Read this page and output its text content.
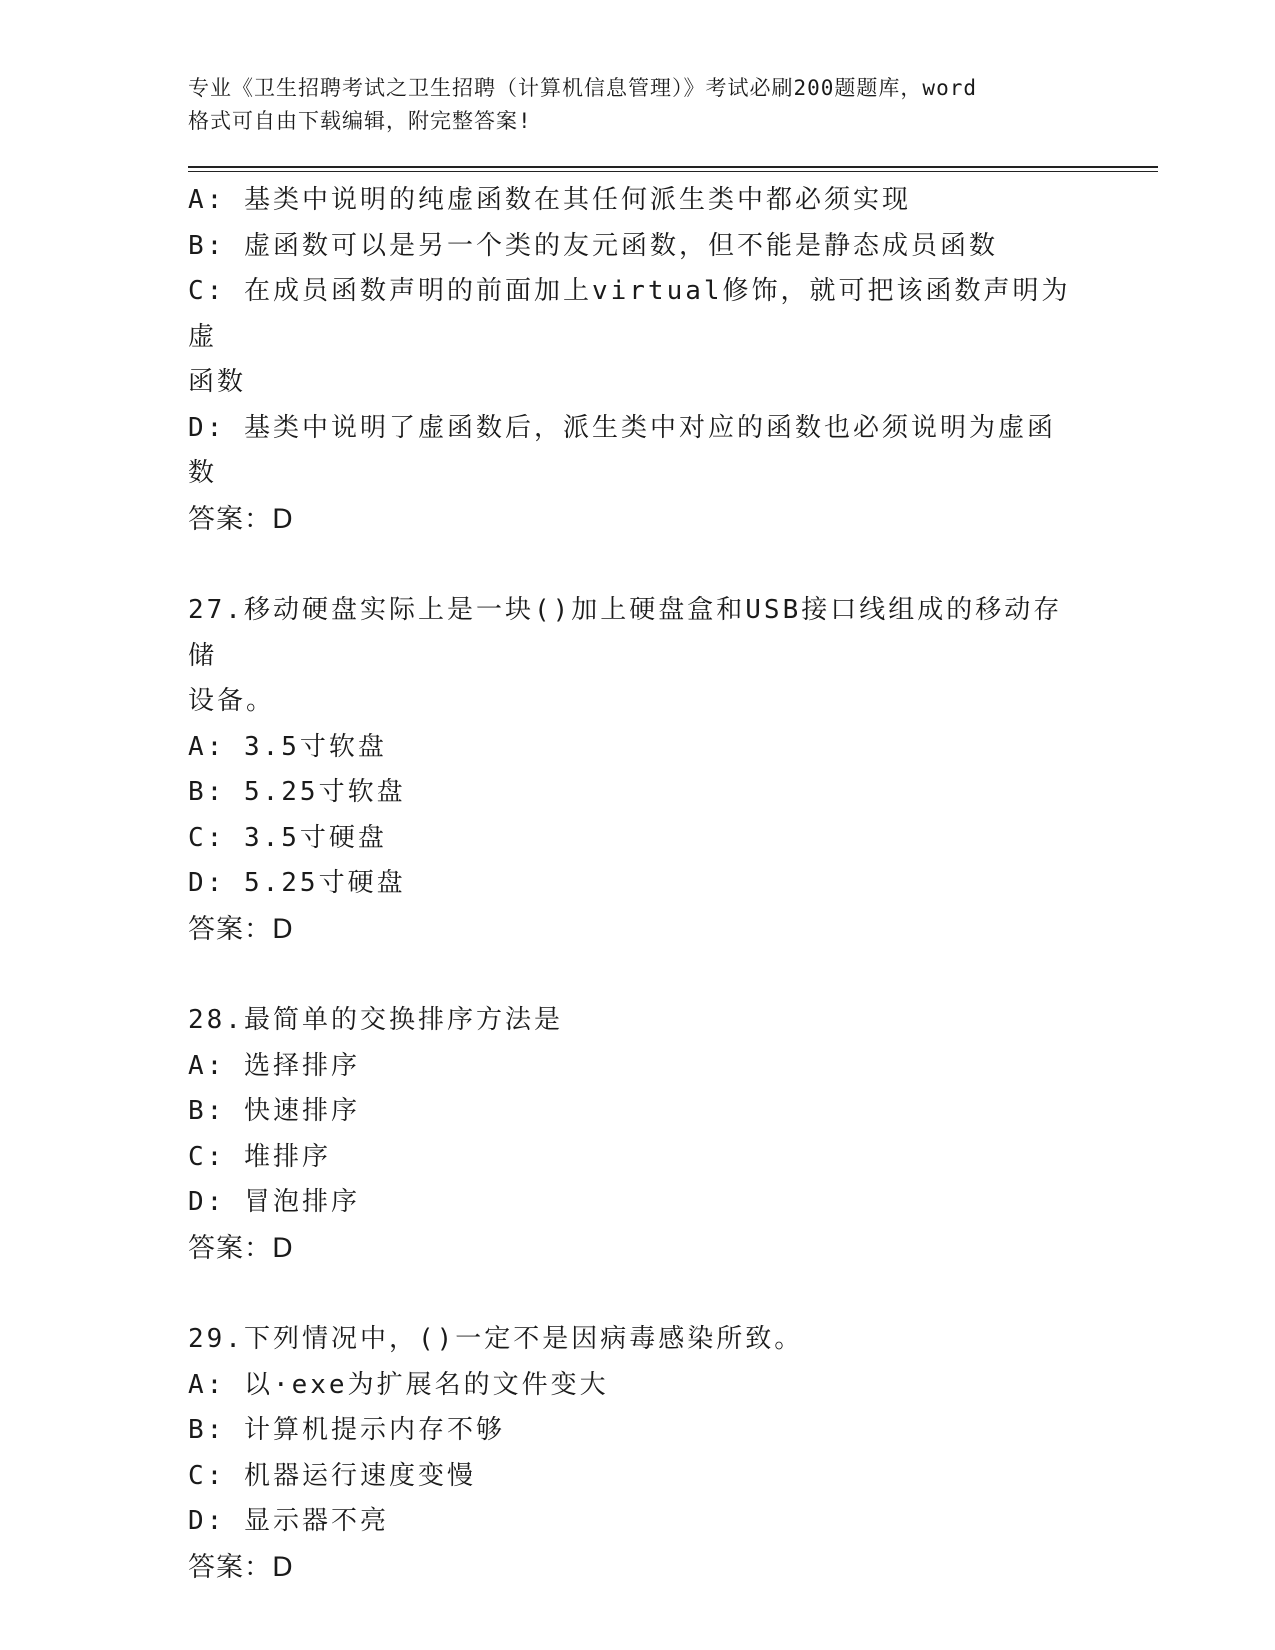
专业《卫生招聘考试之卫生招聘（计算机信息管理）》考试必刷200题题库，word
格式可自由下载编辑，附完整答案!
A: 基类中说明的纯虚函数在其任何派生类中都必须实现
B: 虚函数可以是另一个类的友元函数，但不能是静态成员函数
C: 在成员函数声明的前面加上virtual修饰，就可把该函数声明为虚
函数
D: 基类中说明了虚函数后，派生类中对应的函数也必须说明为虚函数
答案：D
27.移动硬盘实际上是一块()加上硬盘盒和USB接口线组成的移动存储
设备。
A: 3.5寸软盘
B: 5.25寸软盘
C: 3.5寸硬盘
D: 5.25寸硬盘
答案：D
28.最简单的交换排序方法是
A: 选择排序
B: 快速排序
C: 堆排序
D: 冒泡排序
答案：D
29.下列情况中，()一定不是因病毒感染所致。
A: 以·exe为扩展名的文件变大
B: 计算机提示内存不够
C: 机器运行速度变慢
D: 显示器不亮
答案：D
